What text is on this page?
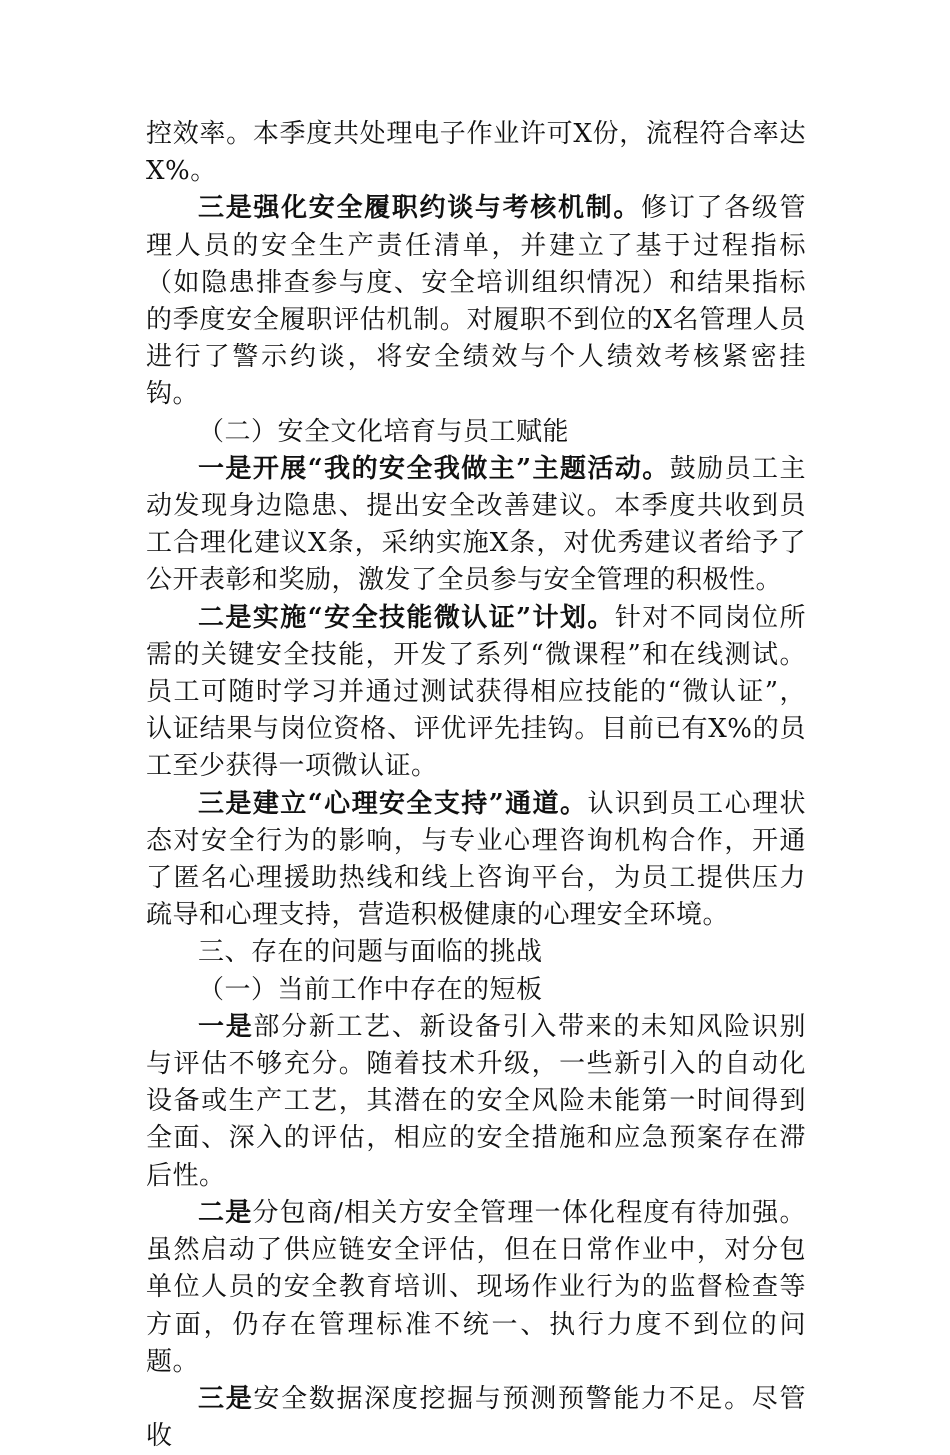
控效率。本季度共处理电子作业许可X份，流程符合率达X%。

三是强化安全履职约谈与考核机制。修订了各级管理人员的安全生产责任清单，并建立了基于过程指标（如隐患排查参与度、安全培训组织情况）和结果指标的季度安全履职评估机制。对履职不到位的X名管理人员进行了警示约谈，将安全绩效与个人绩效考核紧密挂钩。

（二）安全文化培育与员工赋能

一是开展“我的安全我做主”主题活动。鼓励员工主动发现身边隐患、提出安全改善建议。本季度共收到员工合理化建议X条，采纳实施X条，对优秀建议者给予了公开表彰和奖励，激发了全员参与安全管理的积极性。

二是实施“安全技能微认证”计划。针对不同岗位所需的关键安全技能，开发了系列“微课程”和在线测试。员工可随时学习并通过测试获得相应技能的“微认证”，认证结果与岗位资格、评优评先挂钩。目前已有X%的员工至少获得一项微认证。

三是建立“心理安全支持”通道。认识到员工心理状态对安全行为的影响，与专业心理咨询机构合作，开通了匿名心理援助热线和线上咨询平台，为员工提供压力疏导和心理支持，营造积极健康的心理安全环境。

三、存在的问题与面临的挑战

（一）当前工作中存在的短板

一是部分新工艺、新设备引入带来的未知风险识别与评估不够充分。随着技术升级，一些新引入的自动化设备或生产工艺，其潜在的安全风险未能第一时间得到全面、深入的评估，相应的安全措施和应急预案存在滞后性。

二是分包商/相关方安全管理一体化程度有待加强。虽然启动了供应链安全评估，但在日常作业中，对分包单位人员的安全教育培训、现场作业行为的监督检查等方面，仍存在管理标准不统一、执行力度不到位的问题。

三是安全数据深度挖掘与预测预警能力不足。尽管收
